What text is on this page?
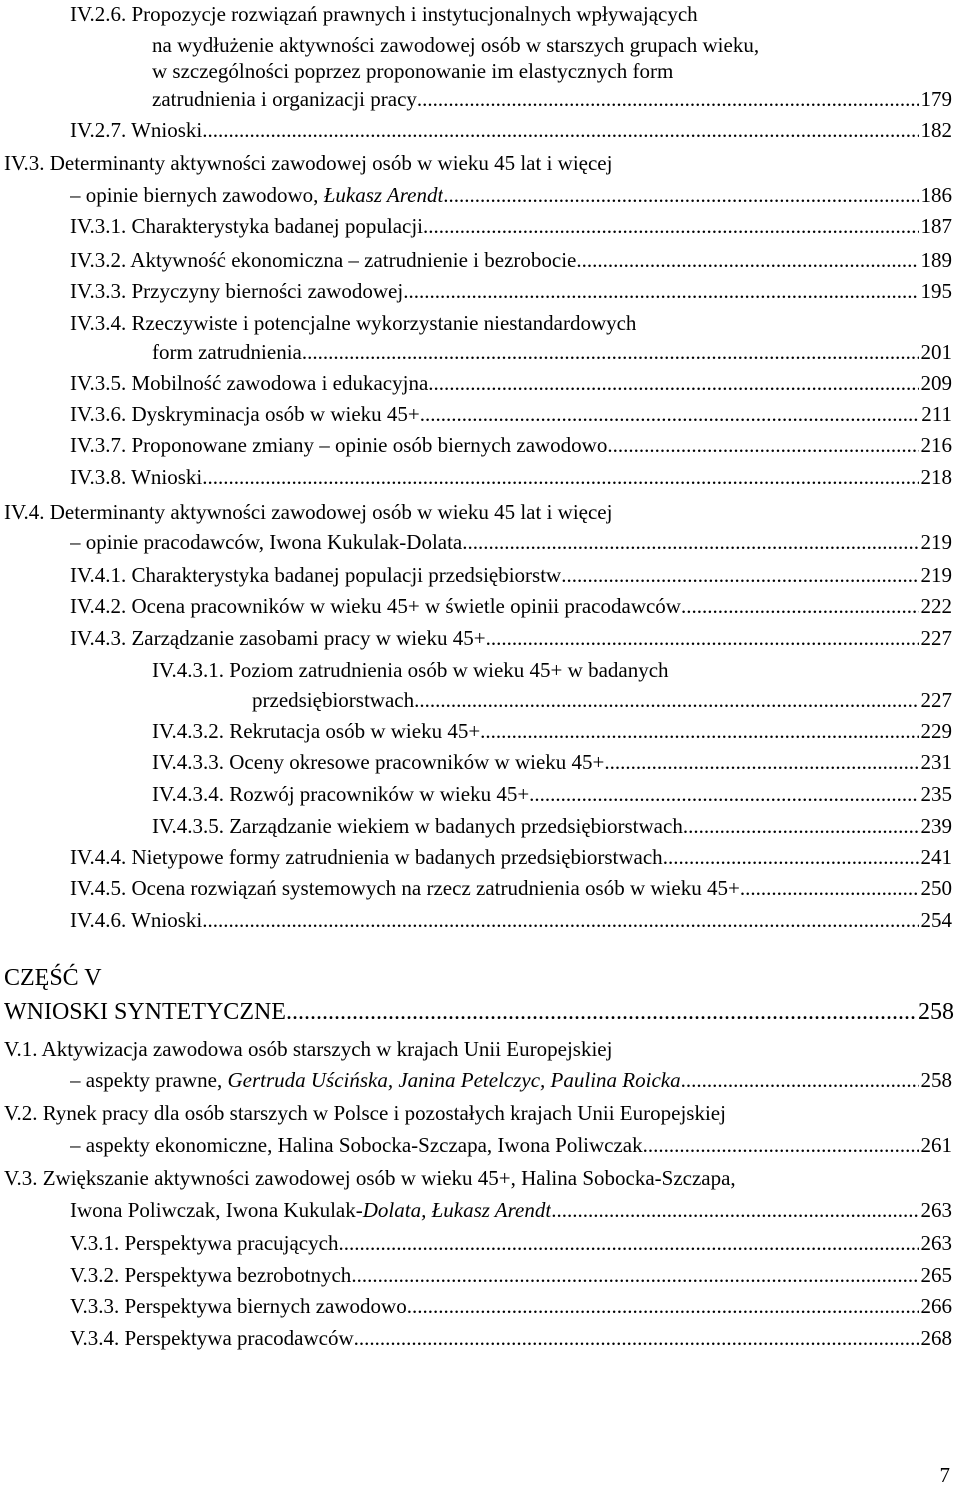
IV.2.6. Propozycje rozwiązań prawnych i instytucjonalnych wpływających
na wydłużenie aktywności zawodowej osób w starszych grupach wieku,
w szczególności poprzez proponowanie im elastycznych form
zatrudnienia i organizacji pracy .....	179
IV.2.7. Wnioski .....	182
IV.3. Determinanty aktywności zawodowej osób w wieku 45 lat i więcej
– opinie biernych zawodowo, Łukasz Arendt .....	186
IV.3.1. Charakterystyka badanej populacji .....	187
IV.3.2. Aktywność ekonomiczna – zatrudnienie i bezrobocie .....	189
IV.3.3. Przyczyny bierności zawodowej .....	195
IV.3.4. Rzeczywiste i potencjalne wykorzystanie niestandardowych
form zatrudnienia .....	201
IV.3.5. Mobilność zawodowa i edukacyjna .....	209
IV.3.6. Dyskryminacja osób w wieku 45+ .....	211
IV.3.7. Proponowane zmiany – opinie osób biernych zawodowo .....	216
IV.3.8. Wnioski .....	218
IV.4. Determinanty aktywności zawodowej osób w wieku 45 lat i więcej
– opinie pracodawców, Iwona Kukulak-Dolata .....	219
IV.4.1. Charakterystyka badanej populacji przedsiębiorstw .....	219
IV.4.2. Ocena pracowników w wieku 45+ w świetle opinii pracodawców .....	222
IV.4.3. Zarządzanie zasobami pracy w wieku 45+ .....	227
IV.4.3.1. Poziom zatrudnienia osób w wieku 45+ w badanych
przedsiębiorstwach .....	227
IV.4.3.2. Rekrutacja osób w wieku 45+ .....	229
IV.4.3.3. Oceny okresowe pracowników w wieku 45+ .....	231
IV.4.3.4. Rozwój pracowników w wieku 45+ .....	235
IV.4.3.5. Zarządzanie wiekiem w badanych przedsiębiorstwach .....	239
IV.4.4. Nietypowe formy zatrudnienia w badanych przedsiębiorstwach .....	241
IV.4.5. Ocena rozwiązań systemowych na rzecz zatrudnienia osób w wieku 45+ .....	250
IV.4.6. Wnioski .....	254
CZĘŚĆ V
WNIOSKI SYNTETYCZNE .....	258
V.1. Aktywizacja zawodowa osób starszych w krajach Unii Europejskiej
– aspekty prawne, Gertruda Uścińska, Janina Petelczyc, Paulina Roicka .....	258
V.2. Rynek pracy dla osób starszych w Polsce i pozostałych krajach Unii Europejskiej
– aspekty ekonomiczne, Halina Sobocka-Szczapa, Iwona Poliwczak .....	261
V.3. Zwiększanie aktywności zawodowej osób w wieku 45+, Halina Sobocka-Szczapa,
Iwona Poliwczak, Iwona Kukulak-Dolata, Łukasz Arendt .....	263
V.3.1. Perspektywa pracujących .....	263
V.3.2. Perspektywa bezrobotnych .....	265
V.3.3. Perspektywa biernych zawodowo .....	266
V.3.4. Perspektywa pracodawców .....	268
7
